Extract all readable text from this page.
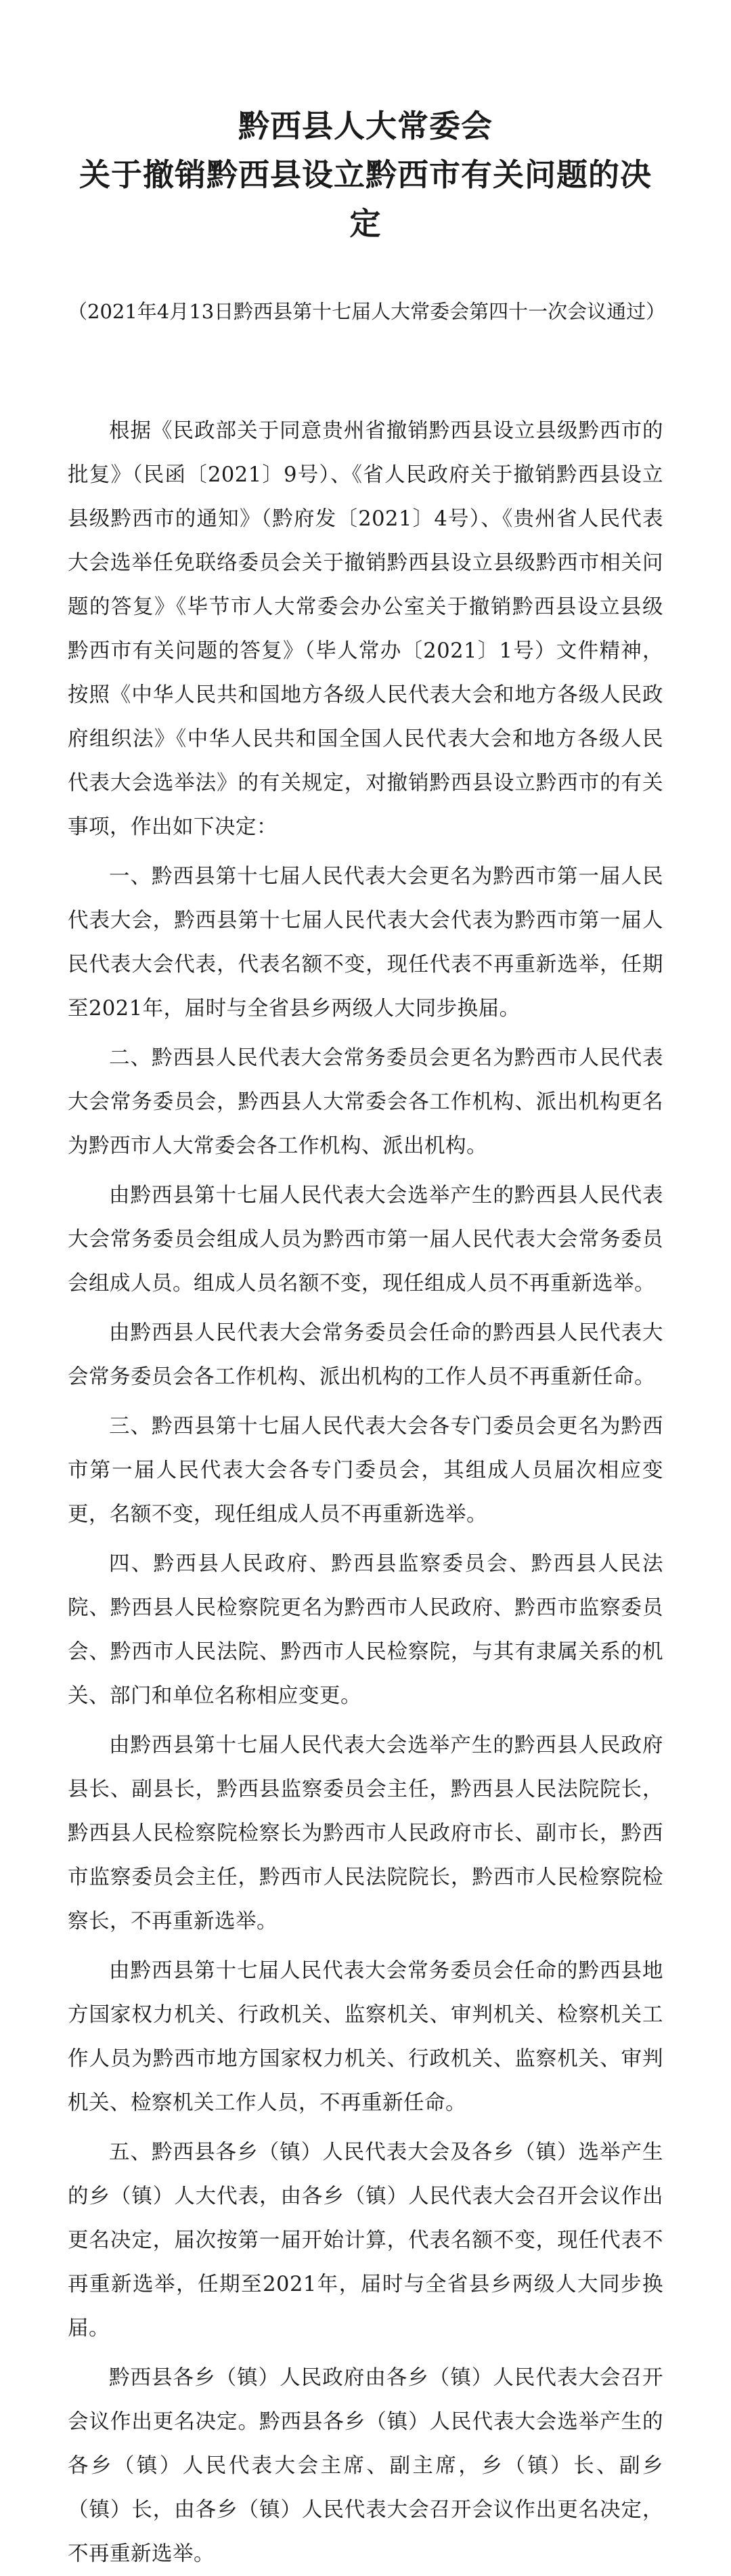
黔西县人大常委会
关于撤销黔西县设立黔西市有关问题的决定

（2021年4月13日黔西县第十七届人大常委会第四十一次会议通过）

根据《民政部关于同意贵州省撤销黔西县设立县级黔西市的批复》（民函〔2021〕9号）、《省人民政府关于撤销黔西县设立县级黔西市的通知》（黔府发〔2021〕4号）、《贵州省人民代表大会选举任免联络委员会关于撤销黔西县设立县级黔西市相关问题的答复》《毕节市人大常委会办公室关于撤销黔西县设立县级黔西市有关问题的答复》（毕人常办〔2021〕1号）文件精神，按照《中华人民共和国地方各级人民代表大会和地方各级人民政府组织法》《中华人民共和国全国人民代表大会和地方各级人民代表大会选举法》的有关规定，对撤销黔西县设立黔西市的有关事项，作出如下决定：

一、黔西县第十七届人民代表大会更名为黔西市第一届人民代表大会，黔西县第十七届人民代表大会代表为黔西市第一届人民代表大会代表，代表名额不变，现任代表不再重新选举，任期至2021年，届时与全省县乡两级人大同步换届。

二、黔西县人民代表大会常务委员会更名为黔西市人民代表大会常务委员会，黔西县人大常委会各工作机构、派出机构更名为黔西市人大常委会各工作机构、派出机构。

由黔西县第十七届人民代表大会选举产生的黔西县人民代表大会常务委员会组成人员为黔西市第一届人民代表大会常务委员会组成人员。组成人员名额不变，现任组成人员不再重新选举。

由黔西县人民代表大会常务委员会任命的黔西县人民代表大会常务委员会各工作机构、派出机构的工作人员不再重新任命。

三、黔西县第十七届人民代表大会各专门委员会更名为黔西市第一届人民代表大会各专门委员会，其组成人员届次相应变更，名额不变，现任组成人员不再重新选举。

四、黔西县人民政府、黔西县监察委员会、黔西县人民法院、黔西县人民检察院更名为黔西市人民政府、黔西市监察委员会、黔西市人民法院、黔西市人民检察院，与其有隶属关系的机关、部门和单位名称相应变更。

由黔西县第十七届人民代表大会选举产生的黔西县人民政府县长、副县长，黔西县监察委员会主任，黔西县人民法院院长，黔西县人民检察院检察长为黔西市人民政府市长、副市长，黔西市监察委员会主任，黔西市人民法院院长，黔西市人民检察院检察长，不再重新选举。

由黔西县第十七届人民代表大会常务委员会任命的黔西县地方国家权力机关、行政机关、监察机关、审判机关、检察机关工作人员为黔西市地方国家权力机关、行政机关、监察机关、审判机关、检察机关工作人员，不再重新任命。

五、黔西县各乡（镇）人民代表大会及各乡（镇）选举产生的乡（镇）人大代表，由各乡（镇）人民代表大会召开会议作出更名决定，届次按第一届开始计算，代表名额不变，现任代表不再重新选举，任期至2021年，届时与全省县乡两级人大同步换届。

黔西县各乡（镇）人民政府由各乡（镇）人民代表大会召开会议作出更名决定。黔西县各乡（镇）人民代表大会选举产生的各乡（镇）人民代表大会主席、副主席，乡（镇）长、副乡（镇）长，由各乡（镇）人民代表大会召开会议作出更名决定，不再重新选举。
